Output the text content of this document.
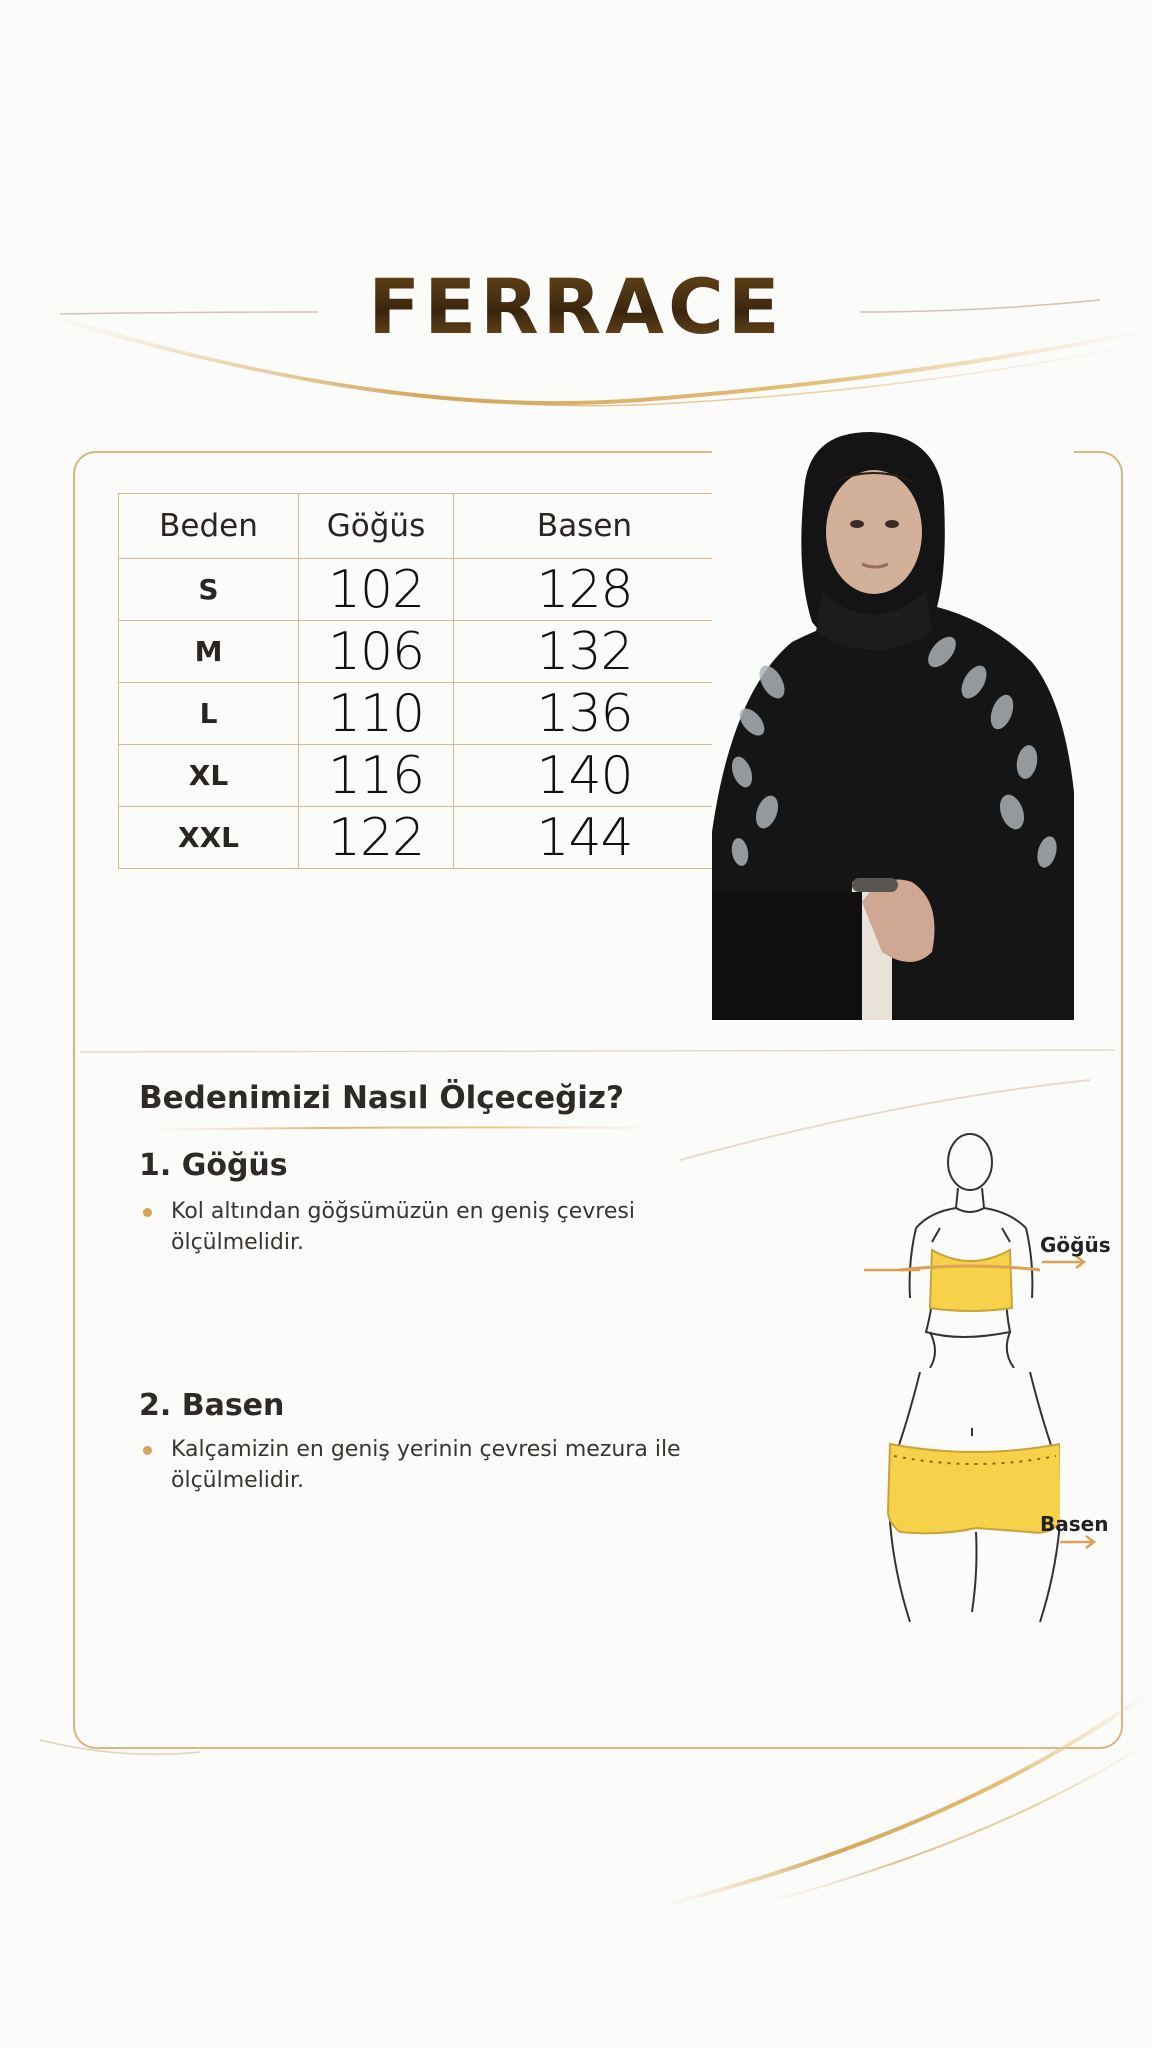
FERRACE
Beden	Göğüs	Basen
S	102	128
M	106	132
L	110	136
XL	116	140
XXL	122	144
Bedenimizi Nasıl Ölçeceğiz?
1. Göğüs
Kol altından göğsümüzün en geniş çevresi ölçülmelidir.
2. Basen
Kalçamizin en geniş yerinin çevresi mezura ile ölçülmelidir.
Göğüs
Basen
